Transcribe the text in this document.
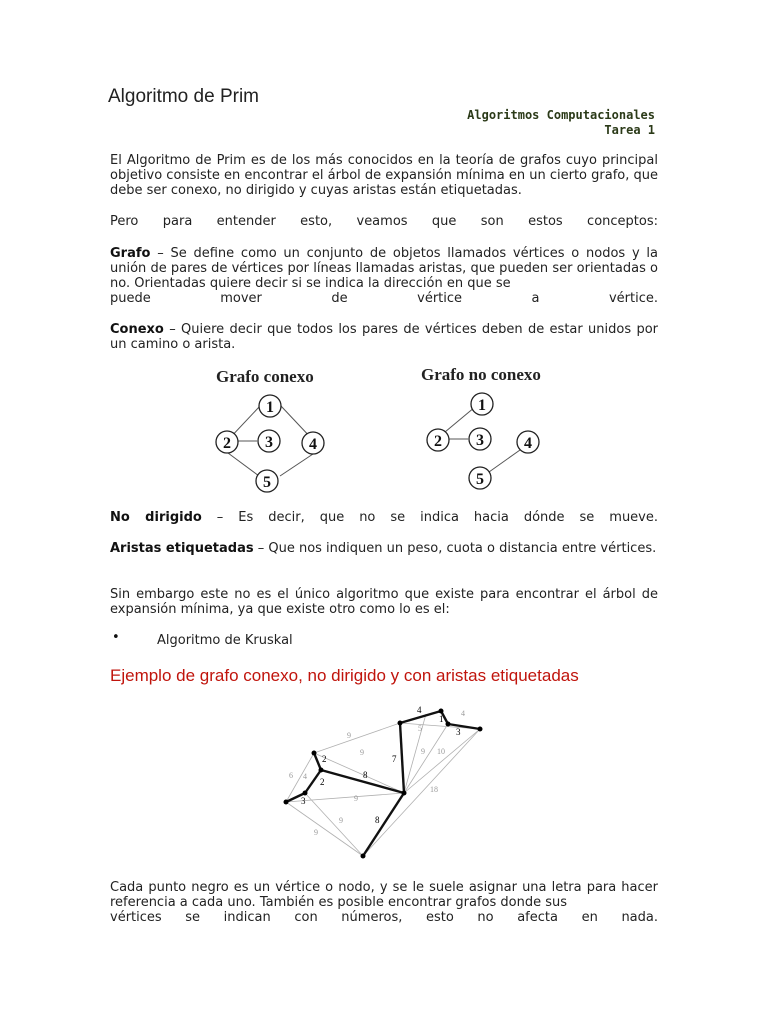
Algoritmo de Prim
Algoritmos Computacionales
Tarea 1
El Algoritmo de Prim es de los más conocidos en la teoría de grafos cuyo principal objetivo consiste en encontrar el árbol de expansión mínima en un cierto grafo, que debe ser conexo, no dirigido y cuyas aristas están etiquetadas.
Pero para entender esto, veamos que son estos conceptos:
Grafo – Se define como un conjunto de objetos llamados vértices o nodos y la unión de pares de vértices por líneas llamadas aristas, que pueden ser orientadas o no. Orientadas quiere decir si se indica la dirección en que se
puede mover de vértice a vértice.
Conexo – Quiere decir que todos los pares de vértices deben de estar unidos por un camino o arista.
Grafo conexo
1
2 3 4
5
Grafo no conexo
1
2 3	4
5
No dirigido – Es decir, que no se indica hacia dónde se mueve.
Aristas etiquetadas – Que nos indiquen un peso, cuota o distancia entre vértices.
Sin embargo este no es el único algoritmo que existe para encontrar el árbol de expansión mínima, ya que existe otro como lo es el:
•	Algoritmo de Kruskal
Ejemplo de grafo conexo, no dirigido y con aristas etiquetadas
4
1
3
2
8
7
2
3
8
4
9
5
9	10
9
6 4
9
18
9
9
Cada punto negro es un vértice o nodo, y se le suele asignar una letra para hacer referencia a cada uno. También es posible encontrar grafos donde sus
vértices se indican con números, esto no afecta en nada.
